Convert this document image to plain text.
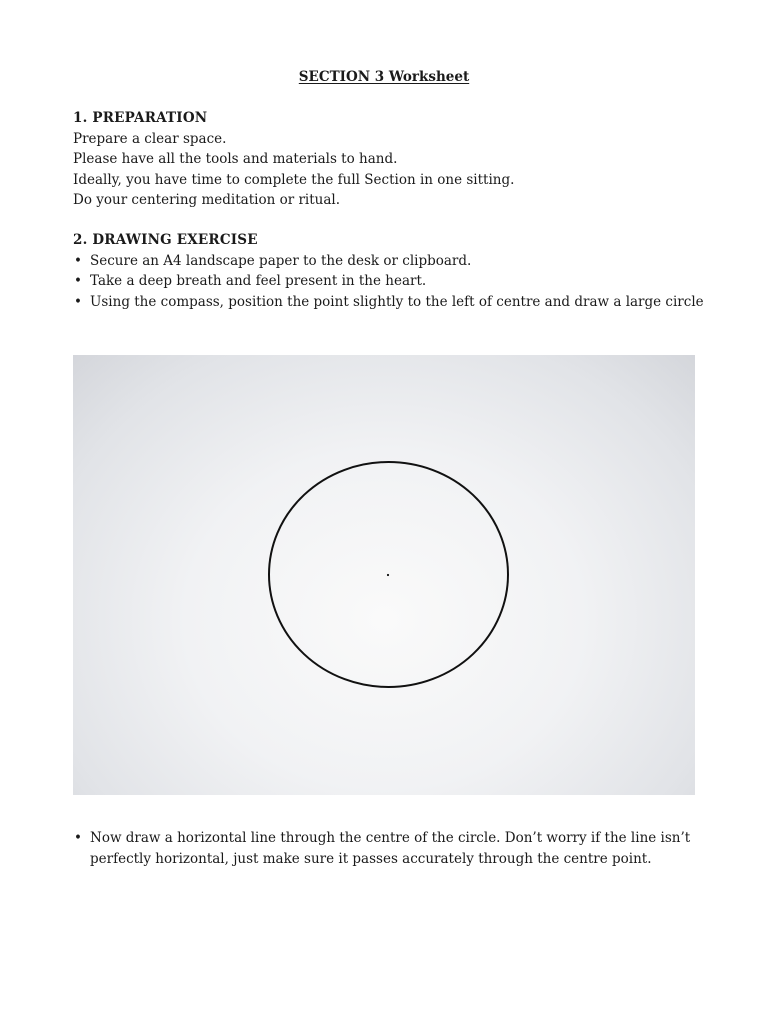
SECTION 3 Worksheet
1. PREPARATION
Prepare a clear space.
Please have all the tools and materials to hand.
Ideally, you have time to complete the full Section in one sitting.
Do your centering meditation or ritual.
2. DRAWING EXERCISE
• Secure an A4 landscape paper to the desk or clipboard.
• Take a deep breath and feel present in the heart.
• Using the compass, position the point slightly to the left of centre and draw a large circle
• Now draw a horizontal line through the centre of the circle. Don’t worry if the line isn’t perfectly horizontal, just make sure it passes accurately through the centre point.
